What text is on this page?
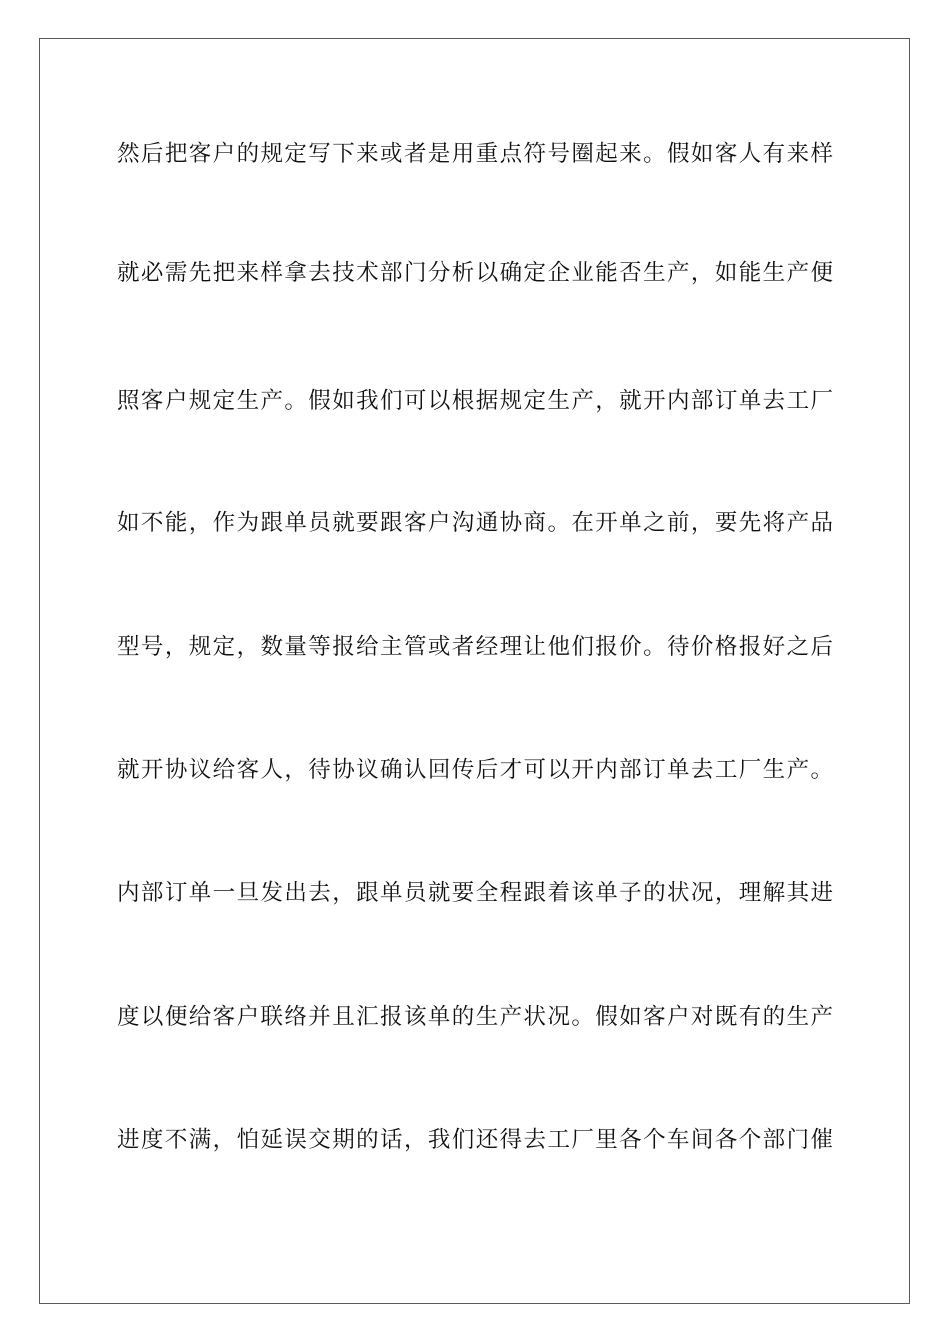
然后把客户的规定写下来或者是用重点符号圈起来。假如客人有来样
就必需先把来样拿去技术部门分析以确定企业能否生产，如能生产便
照客户规定生产。假如我们可以根据规定生产，就开内部订单去工厂
如不能，作为跟单员就要跟客户沟通协商。在开单之前，要先将产品
型号，规定，数量等报给主管或者经理让他们报价。待价格报好之后
就开协议给客人，待协议确认回传后才可以开内部订单去工厂生产。
内部订单一旦发出去，跟单员就要全程跟着该单子的状况，理解其进
度以便给客户联络并且汇报该单的生产状况。假如客户对既有的生产
进度不满，怕延误交期的话，我们还得去工厂里各个车间各个部门催
